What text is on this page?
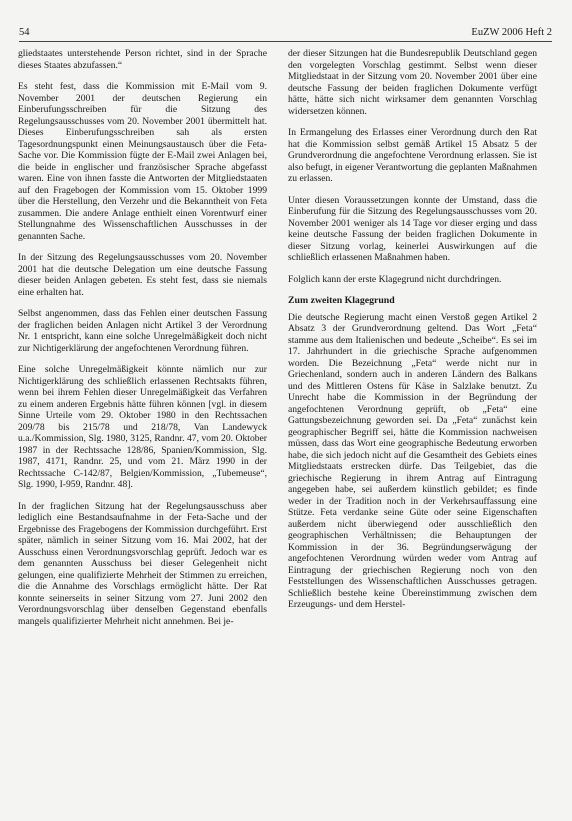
54	EuZW 2006 Heft 2

gliedstaates unterstehende Person richtet, sind in der Sprache dieses Staates abzufassen.“

Es steht fest, dass die Kommission mit E-Mail vom 9. November 2001 der deutschen Regierung ein Einberufungsschreiben für die Sitzung des Regelungsausschusses vom 20. November 2001 übermittelt hat. Dieses Einberufungsschreiben sah als ersten Tagesordnungspunkt einen Meinungsaustausch über die Feta-Sache vor. Die Kommission fügte der E-Mail zwei Anlagen bei, die beide in englischer und französischer Sprache abgefasst waren. Eine von ihnen fasste die Antworten der Mitgliedstaaten auf den Fragebogen der Kommission vom 15. Oktober 1999 über die Herstellung, den Verzehr und die Bekanntheit von Feta zusammen. Die andere Anlage enthielt einen Vorentwurf einer Stellungnahme des Wissenschaftlichen Ausschusses in der genannten Sache.

In der Sitzung des Regelungsausschusses vom 20. November 2001 hat die deutsche Delegation um eine deutsche Fassung dieser beiden Anlagen gebeten. Es steht fest, dass sie niemals eine erhalten hat.

Selbst angenommen, dass das Fehlen einer deutschen Fassung der fraglichen beiden Anlagen nicht Artikel 3 der Verordnung Nr. 1 entspricht, kann eine solche Unregelmäßigkeit doch nicht zur Nichtigerklärung der angefochtenen Verordnung führen.

Eine solche Unregelmäßigkeit könnte nämlich nur zur Nichtigerklärung des schließlich erlassenen Rechtsakts führen, wenn bei ihrem Fehlen dieser Unregelmäßigkeit das Verfahren zu einem anderen Ergebnis hätte führen können [vgl. in diesem Sinne Urteile vom 29. Oktober 1980 in den Rechtssachen 209/78 bis 215/78 und 218/78, Van Landewyck u.a./Kommission, Slg. 1980, 3125, Randnr. 47, vom 20. Oktober 1987 in der Rechtssache 128/86, Spanien/Kommission, Slg. 1987, 4171, Randnr. 25, und vom 21. März 1990 in der Rechtssache C-142/87, Belgien/Kommission, „Tubemeuse“, Slg. 1990, I-959, Randnr. 48].

In der fraglichen Sitzung hat der Regelungsausschuss aber lediglich eine Bestandsaufnahme in der Feta-Sache und der Ergebnisse des Fragebogens der Kommission durchgeführt. Erst später, nämlich in seiner Sitzung vom 16. Mai 2002, hat der Ausschuss einen Verordnungsvorschlag geprüft. Jedoch war es dem genannten Ausschuss bei dieser Gelegenheit nicht gelungen, eine qualifizierte Mehrheit der Stimmen zu erreichen, die die Annahme des Vorschlags ermöglicht hätte. Der Rat konnte seinerseits in seiner Sitzung vom 27. Juni 2002 den Verordnungsvorschlag über denselben Gegenstand ebenfalls mangels qualifizierter Mehrheit nicht annehmen. Bei je-

der dieser Sitzungen hat die Bundesrepublik Deutschland gegen den vorgelegten Vorschlag gestimmt. Selbst wenn dieser Mitgliedstaat in der Sitzung vom 20. November 2001 über eine deutsche Fassung der beiden fraglichen Dokumente verfügt hätte, hätte sich nicht wirksamer dem genannten Vorschlag widersetzen können.

In Ermangelung des Erlasses einer Verordnung durch den Rat hat die Kommission selbst gemäß Artikel 15 Absatz 5 der Grundverordnung die angefochtene Verordnung erlassen. Sie ist also befugt, in eigener Verantwortung die geplanten Maßnahmen zu erlassen.

Unter diesen Voraussetzungen konnte der Umstand, dass die Einberufung für die Sitzung des Regelungsausschusses vom 20. November 2001 weniger als 14 Tage vor dieser erging und dass keine deutsche Fassung der beiden fraglichen Dokumente in dieser Sitzung vorlag, keinerlei Auswirkungen auf die schließlich erlassenen Maßnahmen haben.

Folglich kann der erste Klagegrund nicht durchdringen.

Zum zweiten Klagegrund

Die deutsche Regierung macht einen Verstoß gegen Artikel 2 Absatz 3 der Grundverordnung geltend. Das Wort „Feta“ stamme aus dem Italienischen und bedeute „Scheibe“. Es sei im 17. Jahrhundert in die griechische Sprache aufgenommen worden. Die Bezeichnung „Feta“ werde nicht nur in Griechenland, sondern auch in anderen Ländern des Balkans und des Mittleren Ostens für Käse in Salzlake benutzt. Zu Unrecht habe die Kommission in der Begründung der angefochtenen Verordnung geprüft, ob „Feta“ eine Gattungsbezeichnung geworden sei. Da „Feta“ zunächst kein geographischer Begriff sei, hätte die Kommission nachweisen müssen, dass das Wort eine geographische Bedeutung erworben habe, die sich jedoch nicht auf die Gesamtheit des Gebiets eines Mitgliedstaats erstrecken dürfe. Das Teilgebiet, das die griechische Regierung in ihrem Antrag auf Eintragung angegeben habe, sei außerdem künstlich gebildet; es finde weder in der Tradition noch in der Verkehrsauffassung eine Stütze. Feta verdanke seine Güte oder seine Eigenschaften außerdem nicht überwiegend oder ausschließlich den geographischen Verhältnissen; die Behauptungen der Kommission in der 36. Begründungserwägung der angefochtenen Verordnung würden weder vom Antrag auf Eintragung der griechischen Regierung noch von den Feststellungen des Wissenschaftlichen Ausschusses getragen. Schließlich bestehe keine Übereinstimmung zwischen dem Erzeugungs- und dem Herstel-
